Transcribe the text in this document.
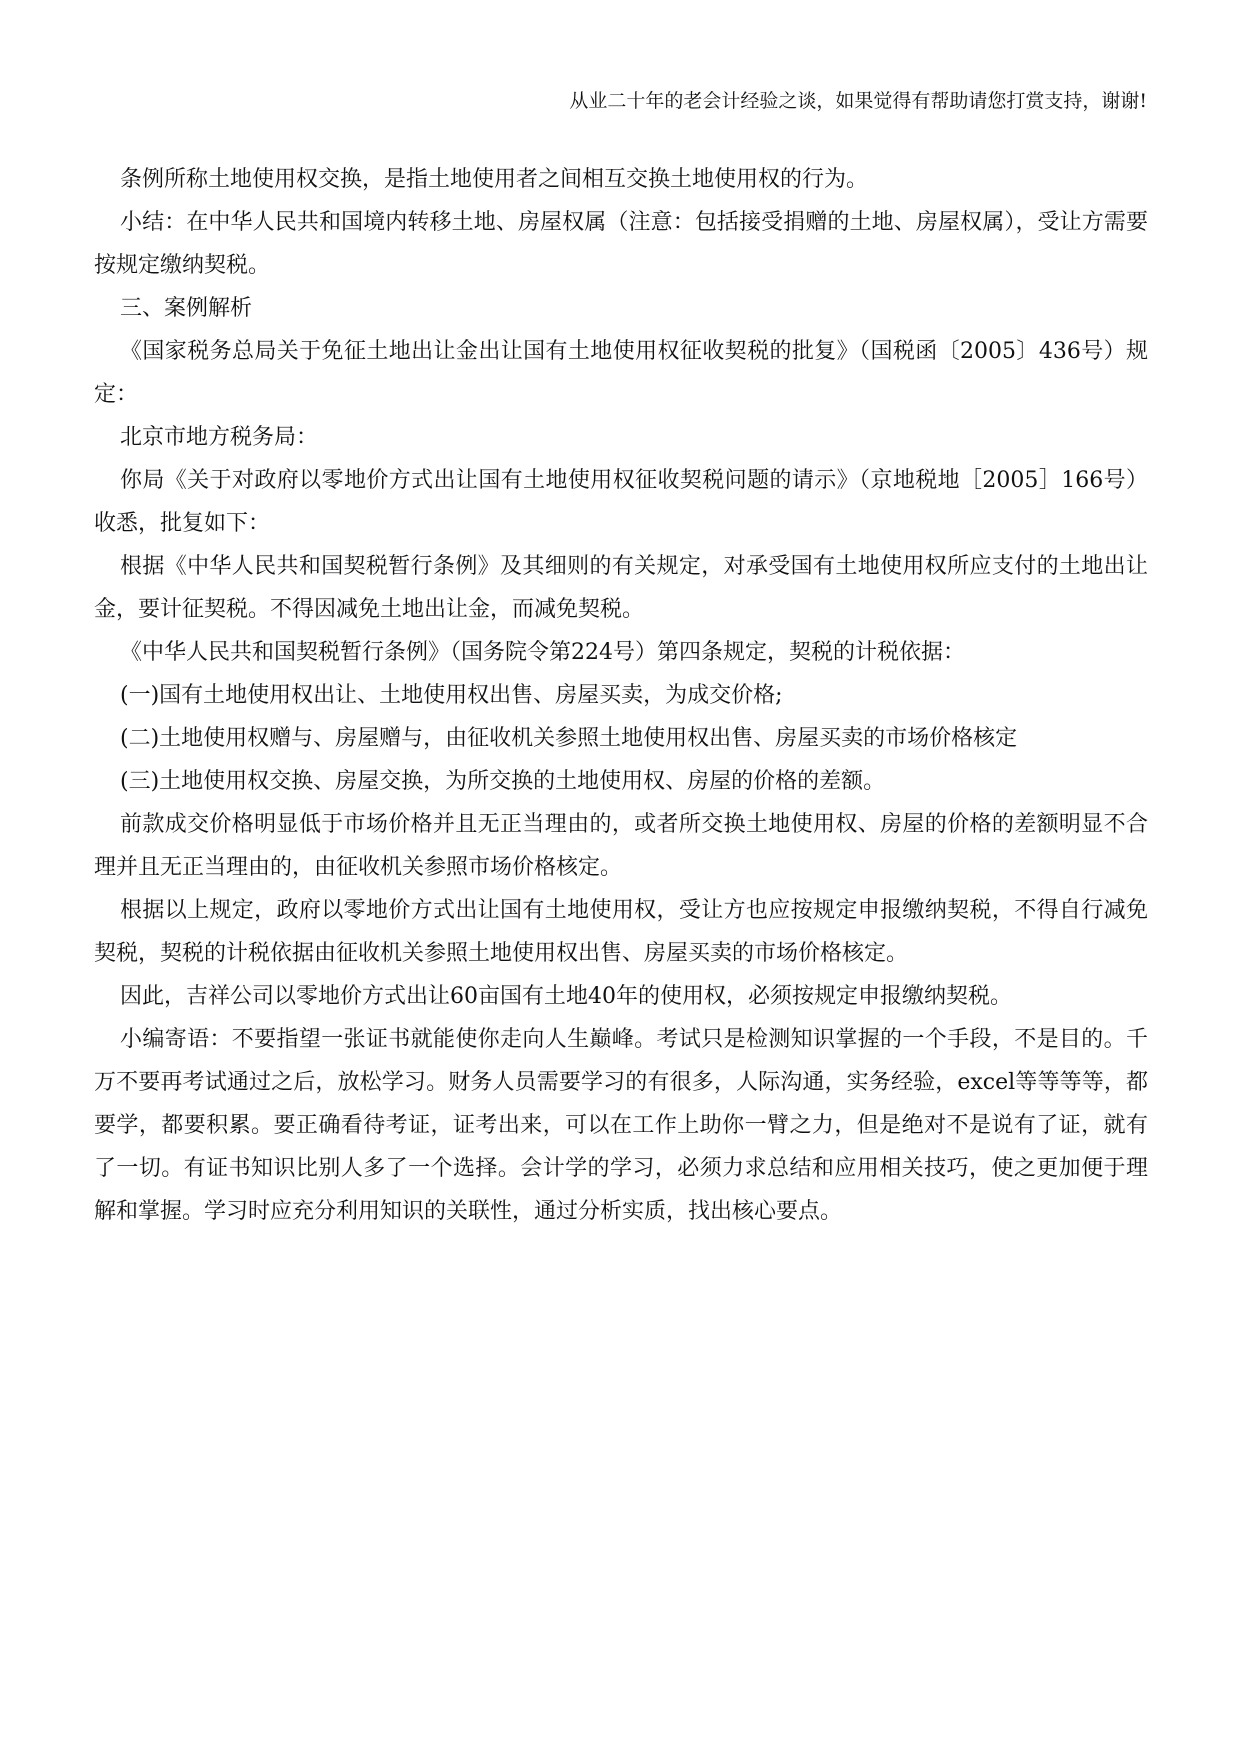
从业二十年的老会计经验之谈，如果觉得有帮助请您打赏支持，谢谢!

条例所称土地使用权交换，是指土地使用者之间相互交换土地使用权的行为。

小结：在中华人民共和国境内转移土地、房屋权属（注意：包括接受捐赠的土地、房屋权属），受让方需要按规定缴纳契税。

三、案例解析

《国家税务总局关于免征土地出让金出让国有土地使用权征收契税的批复》（国税函〔2005〕436号）规定：

北京市地方税务局：

你局《关于对政府以零地价方式出让国有土地使用权征收契税问题的请示》（京地税地［2005］166号）收悉，批复如下：

根据《中华人民共和国契税暂行条例》及其细则的有关规定，对承受国有土地使用权所应支付的土地出让金，要计征契税。不得因减免土地出让金，而减免契税。

《中华人民共和国契税暂行条例》（国务院令第224号）第四条规定，契税的计税依据：

(一)国有土地使用权出让、土地使用权出售、房屋买卖，为成交价格;

(二)土地使用权赠与、房屋赠与，由征收机关参照土地使用权出售、房屋买卖的市场价格核定

(三)土地使用权交换、房屋交换，为所交换的土地使用权、房屋的价格的差额。

前款成交价格明显低于市场价格并且无正当理由的，或者所交换土地使用权、房屋的价格的差额明显不合理并且无正当理由的，由征收机关参照市场价格核定。

根据以上规定，政府以零地价方式出让国有土地使用权，受让方也应按规定申报缴纳契税，不得自行减免契税，契税的计税依据由征收机关参照土地使用权出售、房屋买卖的市场价格核定。

因此，吉祥公司以零地价方式出让60亩国有土地40年的使用权，必须按规定申报缴纳契税。

小编寄语：不要指望一张证书就能使你走向人生巅峰。考试只是检测知识掌握的一个手段，不是目的。千万不要再考试通过之后，放松学习。财务人员需要学习的有很多，人际沟通，实务经验，excel等等等等，都要学，都要积累。要正确看待考证，证考出来，可以在工作上助你一臂之力，但是绝对不是说有了证，就有了一切。有证书知识比别人多了一个选择。会计学的学习，必须力求总结和应用相关技巧，使之更加便于理解和掌握。学习时应充分利用知识的关联性，通过分析实质，找出核心要点。
